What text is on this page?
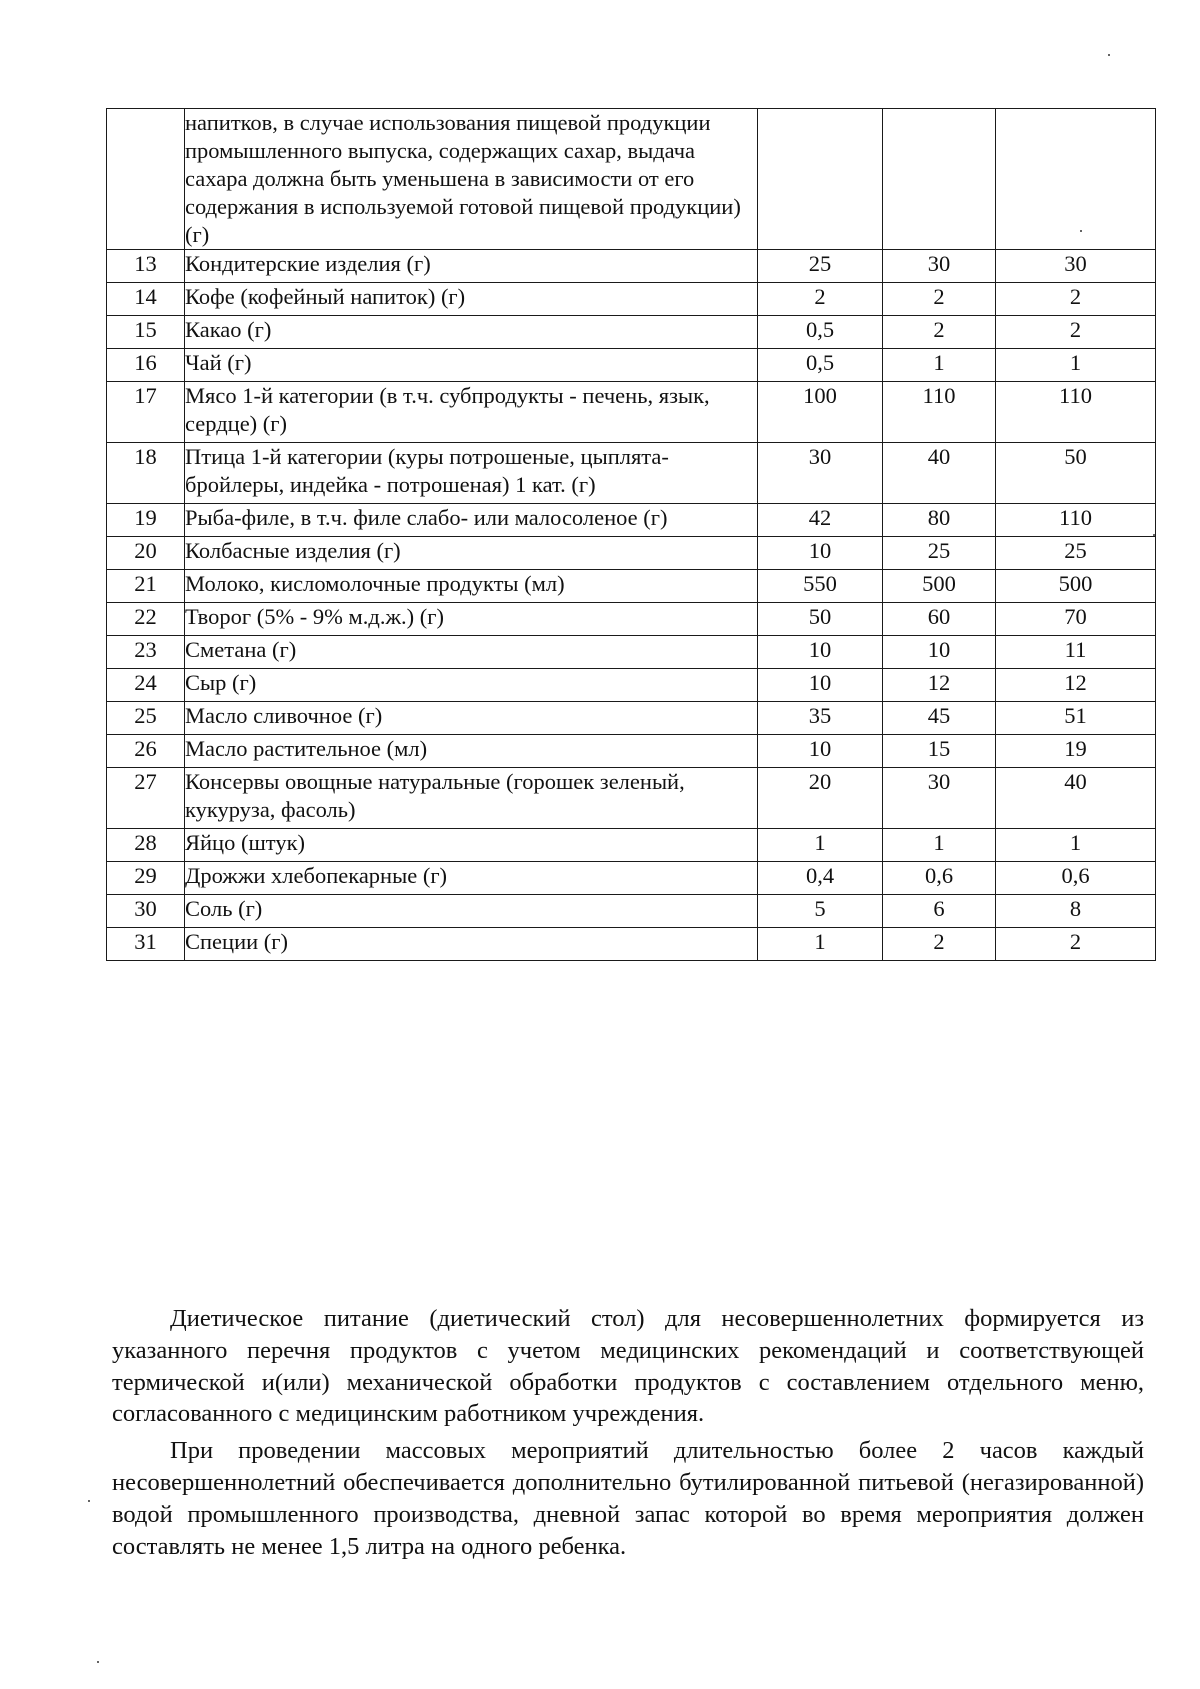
	напитков, в случае использования пищевой продукции промышленного выпуска, содержащих сахар, выдача сахара должна быть уменьшена в зависимости от его содержания в используемой готовой пищевой продукции) (г)			
13	Кондитерские изделия (г)	25	30	30
14	Кофе (кофейный напиток) (г)	2	2	2
15	Какао (г)	0,5	2	2
16	Чай (г)	0,5	1	1
17	Мясо 1-й категории (в т.ч. субпродукты - печень, язык, сердце) (г)	100	110	110
18	Птица 1-й категории (куры потрошеные, цыплята-бройлеры, индейка - потрошеная) 1 кат. (г)	30	40	50
19	Рыба-филе, в т.ч. филе слабо- или малосоленое (г)	42	80	110
20	Колбасные изделия (г)	10	25	25
21	Молоко, кисломолочные продукты (мл)	550	500	500
22	Творог (5% - 9% м.д.ж.) (г)	50	60	70
23	Сметана (г)	10	10	11
24	Сыр (г)	10	12	12
25	Масло сливочное (г)	35	45	51
26	Масло растительное (мл)	10	15	19
27	Консервы овощные натуральные (горошек зеленый, кукуруза, фасоль)	20	30	40
28	Яйцо (штук)	1	1	1
29	Дрожжи хлебопекарные (г)	0,4	0,6	0,6
30	Соль (г)	5	6	8
31	Специи (г)	1	2	2

Диетическое питание (диетический стол) для несовершеннолетних формируется из указанного перечня продуктов с учетом медицинских рекомендаций и соответствующей термической и(или) механической обработки продуктов с составлением отдельного меню, согласованного с медицинским работником учреждения.

При проведении массовых мероприятий длительностью более 2 часов каждый несовершеннолетний обеспечивается дополнительно бутилированной питьевой (негазированной) водой промышленного производства, дневной запас которой во время мероприятия должен составлять не менее 1,5 литра на одного ребенка.
